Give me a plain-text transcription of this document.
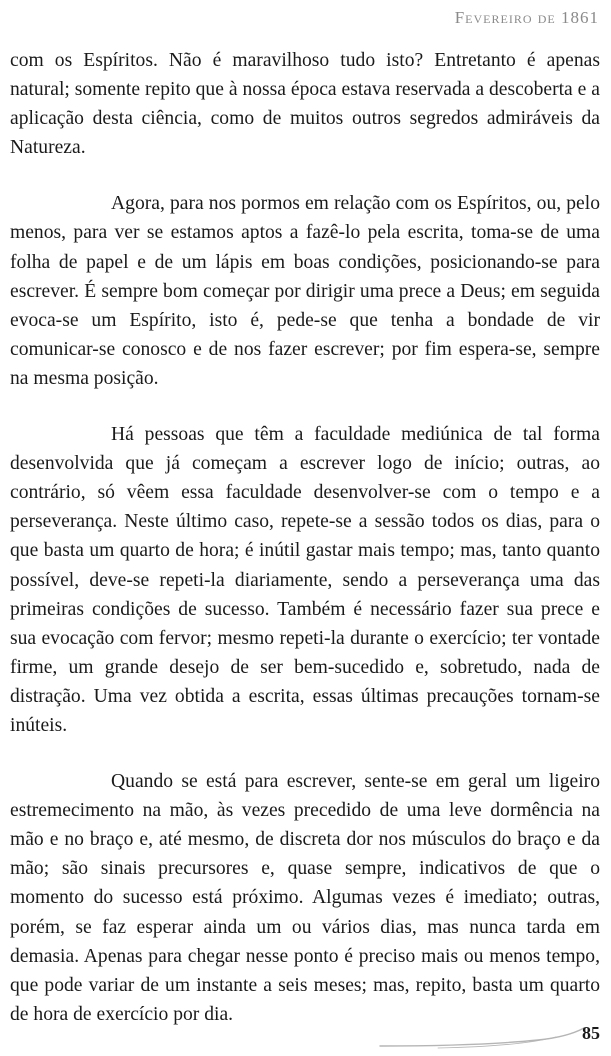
Fevereiro de 1861

com os Espíritos. Não é maravilhoso tudo isto? Entretanto é apenas natural; somente repito que à nossa época estava reservada a descoberta e a aplicação desta ciência, como de muitos outros segredos admiráveis da Natureza.

Agora, para nos pormos em relação com os Espíritos, ou, pelo menos, para ver se estamos aptos a fazê-lo pela escrita, toma-se de uma folha de papel e de um lápis em boas condições, posicionando-se para escrever. É sempre bom começar por dirigir uma prece a Deus; em seguida evoca-se um Espírito, isto é, pede-se que tenha a bondade de vir comunicar-se conosco e de nos fazer escrever; por fim espera-se, sempre na mesma posição.

Há pessoas que têm a faculdade mediúnica de tal forma desenvolvida que já começam a escrever logo de início; outras, ao contrário, só vêem essa faculdade desenvolver-se com o tempo e a perseverança. Neste último caso, repete-se a sessão todos os dias, para o que basta um quarto de hora; é inútil gastar mais tempo; mas, tanto quanto possível, deve-se repeti-la diariamente, sendo a perseverança uma das primeiras condições de sucesso. Também é necessário fazer sua prece e sua evocação com fervor; mesmo repeti-la durante o exercício; ter vontade firme, um grande desejo de ser bem-sucedido e, sobretudo, nada de distração. Uma vez obtida a escrita, essas últimas precauções tornam-se inúteis.

Quando se está para escrever, sente-se em geral um ligeiro estremecimento na mão, às vezes precedido de uma leve dormência na mão e no braço e, até mesmo, de discreta dor nos músculos do braço e da mão; são sinais precursores e, quase sempre, indicativos de que o momento do sucesso está próximo. Algumas vezes é imediato; outras, porém, se faz esperar ainda um ou vários dias, mas nunca tarda em demasia. Apenas para chegar nesse ponto é preciso mais ou menos tempo, que pode variar de um instante a seis meses; mas, repito, basta um quarto de hora de exercício por dia.

85
